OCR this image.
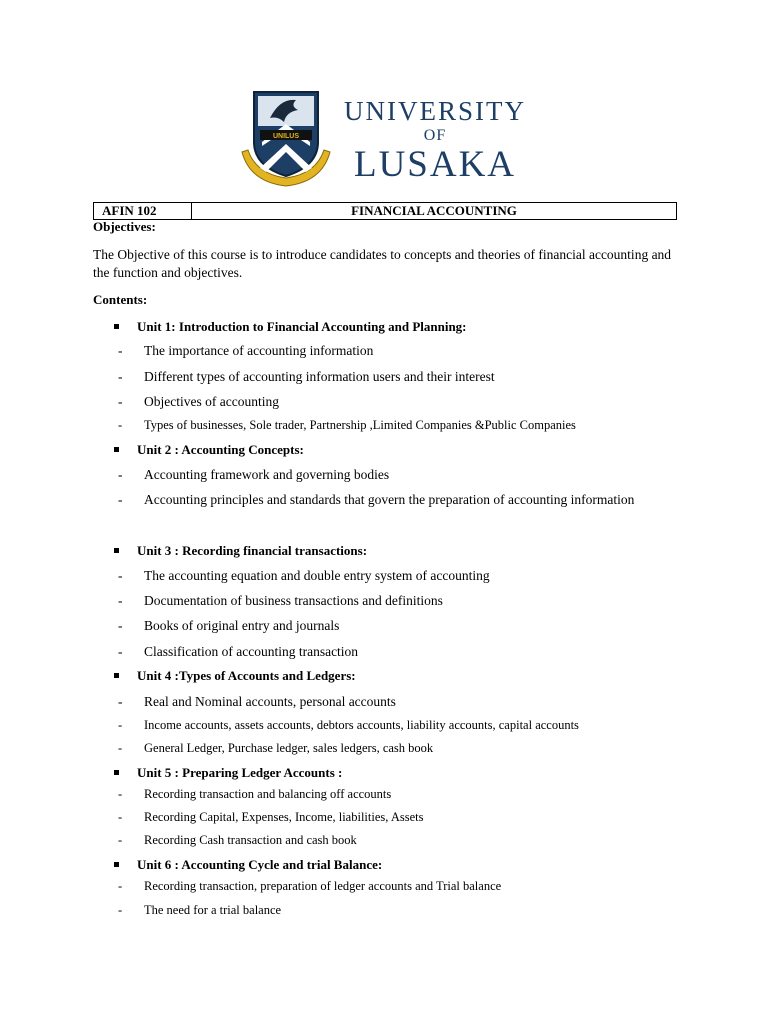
UNILUS
UNIVERSITY
OF
LUSAKA
AFIN 102	FINANCIAL ACCOUNTING
Objectives:
The Objective of this course is to introduce candidates to concepts and theories of financial accounting and the function and objectives.
Contents:
Unit 1: Introduction to Financial Accounting and Planning:
-	The importance of accounting information
-	Different types of accounting information users and their interest
-	Objectives of accounting
-	Types of businesses, Sole trader, Partnership ,Limited Companies &Public Companies
Unit 2 : Accounting Concepts:
-	Accounting framework and governing bodies
-	Accounting principles and standards that govern the preparation of accounting information
Unit 3 : Recording financial transactions:
-	The accounting equation and double entry system of accounting
-	Documentation of business transactions and definitions
-	Books of original entry and journals
-	Classification of accounting transaction
Unit 4 :Types of Accounts and Ledgers:
-	Real and Nominal accounts, personal accounts
-	Income accounts, assets accounts, debtors accounts, liability accounts, capital accounts
-	General Ledger, Purchase ledger, sales ledgers, cash book
Unit 5 : Preparing Ledger Accounts :
-	Recording transaction and balancing off accounts
-	Recording Capital, Expenses, Income, liabilities, Assets
-	Recording Cash transaction and cash book
Unit 6 : Accounting Cycle and trial Balance:
-	Recording transaction, preparation of ledger accounts and Trial balance
-	The need for a trial balance
